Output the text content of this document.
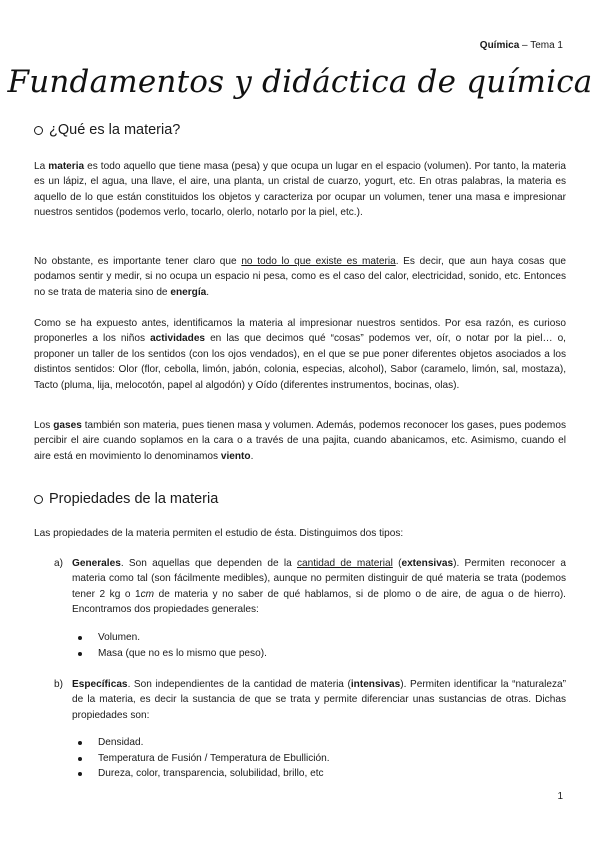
Química – Tema 1
Fundamentos y didáctica de química
¿Qué es la materia?

La materia es todo aquello que tiene masa (pesa) y que ocupa un lugar en el espacio (volumen). Por tanto, la materia es un lápiz, el agua, una llave, el aire, una planta, un cristal de cuarzo, yogurt, etc. En otras palabras, la materia es aquello de lo que están constituidos los objetos y caracteriza por ocupar un volumen, tener una masa e impresionar nuestros sentidos (podemos verlo, tocarlo, olerlo, notarlo por la piel, etc.).

No obstante, es importante tener claro que no todo lo que existe es materia. Es decir, que aun haya cosas que podamos sentir y medir, si no ocupa un espacio ni pesa, como es el caso del calor, electricidad, sonido, etc. Entonces no se trata de materia sino de energía.

Como se ha expuesto antes, identificamos la materia al impresionar nuestros sentidos. Por esa razón, es curioso proponerles a los niños actividades en las que decimos qué “cosas” podemos ver, oír, o notar por la piel… o, proponer un taller de los sentidos (con los ojos vendados), en el que se pue poner diferentes objetos asociados a los distintos sentidos: Olor (flor, cebolla, limón, jabón, colonia, especias, alcohol), Sabor (caramelo, limón, sal, mostaza), Tacto (pluma, lija, melocotón, papel al algodón) y Oído (diferentes instrumentos, bocinas, olas).

Los gases también son materia, pues tienen masa y volumen. Además, podemos reconocer los gases, pues podemos percibir el aire cuando soplamos en la cara o a través de una pajita, cuando abanicamos, etc. Asimismo, cuando el aire está en movimiento lo denominamos viento.

Propiedades de la materia

Las propiedades de la materia permiten el estudio de ésta. Distinguimos dos tipos:

a) Generales. Son aquellas que dependen de la cantidad de material (extensivas). Permiten reconocer a materia como tal (son fácilmente medibles), aunque no permiten distinguir de qué materia se trata (podemos tener 2 kg o 1cm de materia y no saber de qué hablamos, si de plomo o de aire, de agua o de hierro). Encontramos dos propiedades generales:
Volumen.
Masa (que no es lo mismo que peso).
b) Específicas. Son independientes de la cantidad de materia (intensivas). Permiten identificar la “naturaleza” de la materia, es decir la sustancia de que se trata y permite diferenciar unas sustancias de otras. Dichas propiedades son:
Densidad.
Temperatura de Fusión / Temperatura de Ebullición.
Dureza, color, transparencia, solubilidad, brillo, etc
1
